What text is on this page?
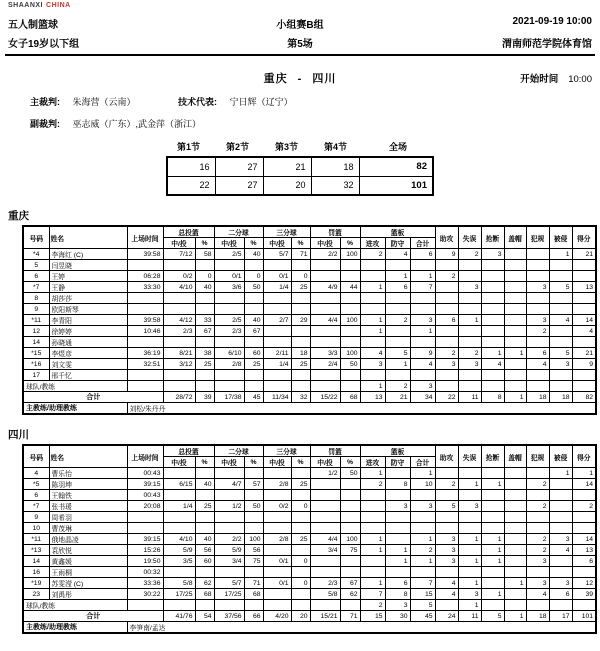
SHAANXI CHINA
五人制篮球	小组赛B组	2021-09-19 10:00
女子19岁以下组	第5场	渭南师范学院体育馆
重庆 - 四川	开始时间 10:00
主裁判: 朱海营（云南）	技术代表: 宁日辉（辽宁）
副裁判: 巫志威（广东）,武金萍（浙江）
第1节	第2节	第3节	第4节	全场
16	27	21	18	82
22	27	20	32	101
重庆
号码	姓名	上场时间	总投篮		二分球		三分球		罚篮		篮板			助攻	失误	抢断	盖帽	犯规	被侵	得分
			中/投	%	中/投	%	中/投	%	中/投	%	进攻	防守	合计							
*4	李海红 (C)	39:58	7/12	58	2/5	40	5/7	71	2/2	100	2	4	6	9	2	3			1	21
5	闫昱晓																			
6	王婷	06:28	0/2	0	0/1	0	0/1	0				1	1	2						
*7	王静	33:30	4/10	40	3/6	50	1/4	25	4/9	44	1	6	7		3			3	5	13
8	胡莎莎																			
9	欧阳斯琴																			
*11	李青阳	39:58	4/12	33	2/5	40	2/7	29	4/4	100	1	2	3	6	1			3	4	14
12	徐婷婷	10:46	2/3	67	2/3	67					1		1					2		4
14	孙晓通																			
*15	李煜彦	36:19	8/21	38	6/10	60	2/11	18	3/3	100	4	5	9	2	2	1	1	6	5	21
*16	刘文雯	32:51	3/12	25	2/8	25	1/4	25	2/4	50	3	1	4	3	3	4		4	3	9
17	邢千忆																			
球队/教练											1	2	3							
合计			28/72	39	17/38	45	11/34	32	15/22	68	13	21	34	22	11	8	1	18	18	82
主教练/助理教练		刘松/朱丹丹																		
四川
号码	姓名	上场时间	总投篮		二分球		三分球		罚篮		篮板			助攻	失误	抢断	盖帽	犯规	被侵	得分
			中/投	%	中/投	%	中/投	%	中/投	%	进攻	防守	合计							
4	曹乐怡	00:43							1/2	50	1		1						1	1
*5	陈羽坤	39:15	6/15	40	4/7	57	2/8	25			2	8	10	2	1	1		2		14
6	王翰铁	00:43																		
*7	张书瑗	20:08	1/4	25	1/2	50	0/2	0				3	3	5	3			2		2
9	周希羽																			
10	曹茂琳																			
*11	俄地晶凌	39:15	4/10	40	2/2	100	2/8	25	4/4	100	1		1	3	1	1		2	3	14
*13	袁欣悦	15:26	5/9	56	5/9	56			3/4	75	1	1	2	3		1		2	4	13
14	黄鑫媛	19:50	3/5	60	3/4	75	0/1	0				1	1	3	1	1		3		6
16	王雨桐	00:32																		
*19	苏雯滢 (C)	33:36	5/8	62	5/7	71	0/1	0	2/3	67	1	6	7	4	1		1	3	3	12
23	刘禹彤	30:22	17/25	68	17/25	68			5/8	62	7	8	15	4	3	1		4	6	39
球队/教练											2	3	5		1					
合计			41/76	54	37/56	66	4/20	20	15/21	71	15	30	45	24	11	5	1	18	17	101
主教练/助理教练		李笋南/孟达																		
